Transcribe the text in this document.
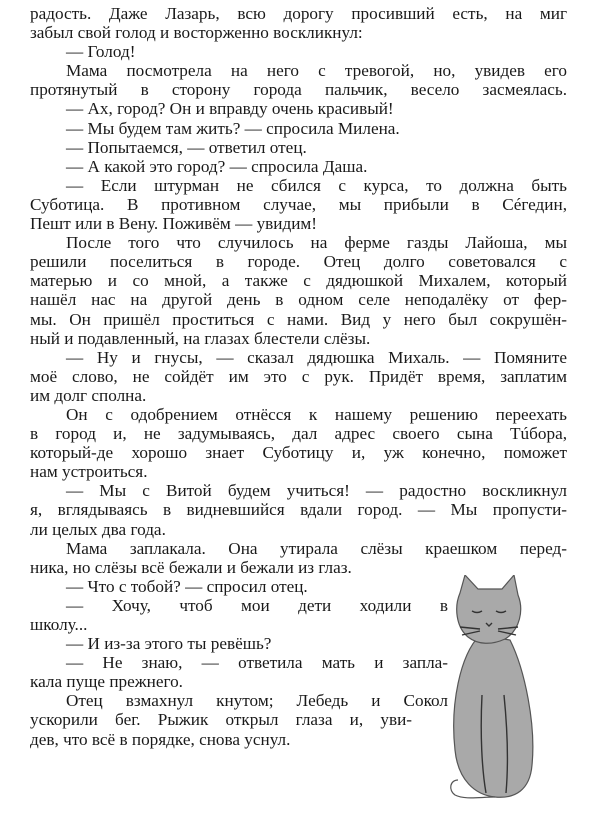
радость. Даже Лазарь, всю дорогу просивший есть, на миг
забыл свой голод и восторженно воскликнул:
— Голод!
Мама посмотрела на него с тревогой, но, увидев его
протянутый в сторону города пальчик, весело засмеялась.
— Ах, город? Он и вправду очень красивый!
— Мы будем там жить? — спросила Милена.
— Попытаемся, — ответил отец.
— А какой это город? — спросила Даша.
— Если штурман не сбился с курса, то должна быть
Суботица. В противном случае, мы прибыли в Сéгедин,
Пешт или в Вену. Поживём — увидим!
После того что случилось на ферме газды Лайоша, мы
решили поселиться в городе. Отец долго советовался с
матерью и со мной, а также с дядюшкой Михалем, который
нашёл нас на другой день в одном селе неподалёку от фер-
мы. Он пришёл проститься с нами. Вид у него был сокрушён-
ный и подавленный, на глазах блестели слёзы.
— Ну и гнусы, — сказал дядюшка Михаль. — Помяните
моё слово, не сойдёт им это с рук. Придёт время, заплатим
им долг сполна.
Он с одобрением отнёсся к нашему решению переехать
в город и, не задумываясь, дал адрес своего сына Тúбора,
который-де хорошо знает Суботицу и, уж конечно, поможет
нам устроиться.
— Мы с Витой будем учиться! — радостно воскликнул
я, вглядываясь в видневшийся вдали город. — Мы пропусти-
ли целых два года.
Мама заплакала. Она утирала слёзы краешком перед-
ника, но слёзы всё бежали и бежали из глаз.
— Что с тобой? — спросил отец.
— Хочу, чтоб мои дети ходили в
школу...
— И из-за этого ты ревёшь?
— Не знаю, — ответила мать и запла-
кала пуще прежнего.
Отец взмахнул кнутом; Лебедь и Сокол
ускорили бег. Рыжик открыл глаза и, уви-
дев, что всё в порядке, снова уснул.
